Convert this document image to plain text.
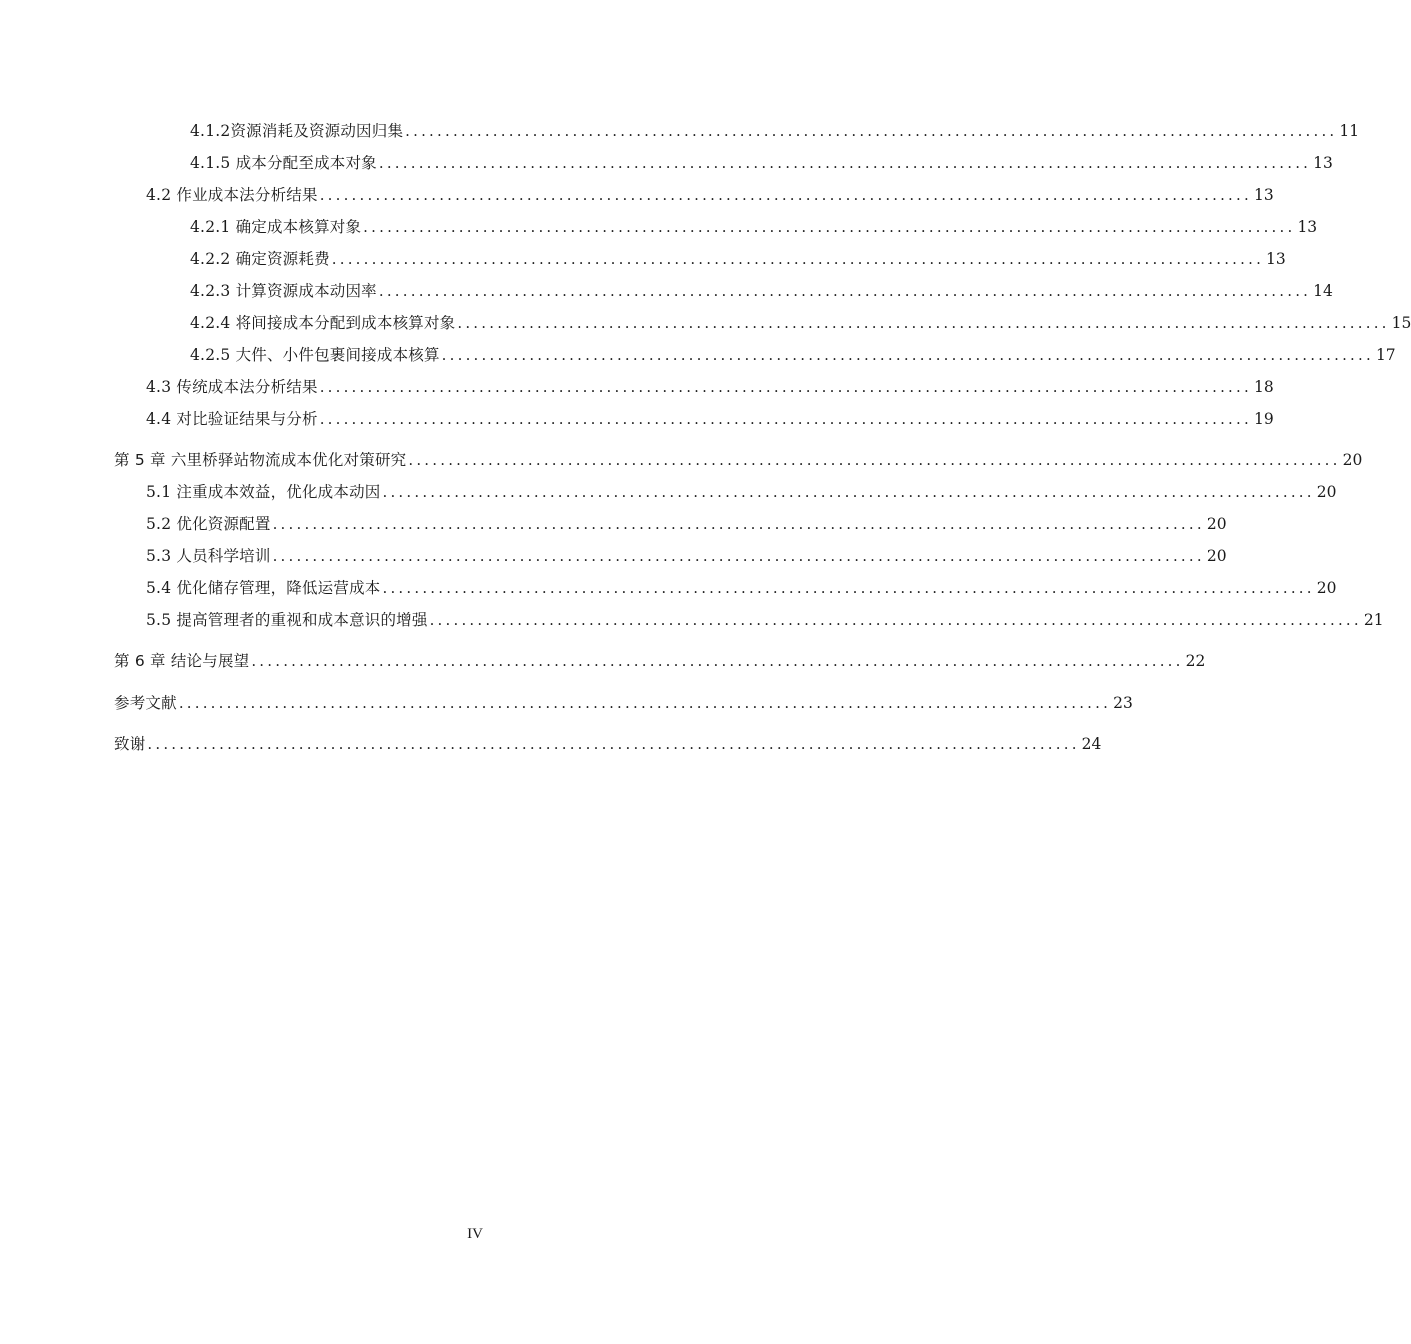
4.1.2资源消耗及资源动因归集 ..................................................................................................................... 11
4.1.5 成本分配至成本对象 ..................................................................................................................... 13
4.2 作业成本法分析结果 ..................................................................................................................... 13
4.2.1 确定成本核算对象 ..................................................................................................................... 13
4.2.2 确定资源耗费 ..................................................................................................................... 13
4.2.3 计算资源成本动因率 ..................................................................................................................... 14
4.2.4 将间接成本分配到成本核算对象 ..................................................................................................................... 15
4.2.5 大件、小件包裹间接成本核算 ..................................................................................................................... 17
4.3 传统成本法分析结果 ..................................................................................................................... 18
4.4 对比验证结果与分析 ..................................................................................................................... 19
第 5 章 六里桥驿站物流成本优化对策研究 ..................................................................................................................... 20
5.1 注重成本效益，优化成本动因 ..................................................................................................................... 20
5.2 优化资源配置 ..................................................................................................................... 20
5.3 人员科学培训 ..................................................................................................................... 20
5.4 优化储存管理，降低运营成本 ..................................................................................................................... 20
5.5 提高管理者的重视和成本意识的增强 ..................................................................................................................... 21
第 6 章 结论与展望 ..................................................................................................................... 22
参考文献 ..................................................................................................................... 23
致谢 ..................................................................................................................... 24
IV
